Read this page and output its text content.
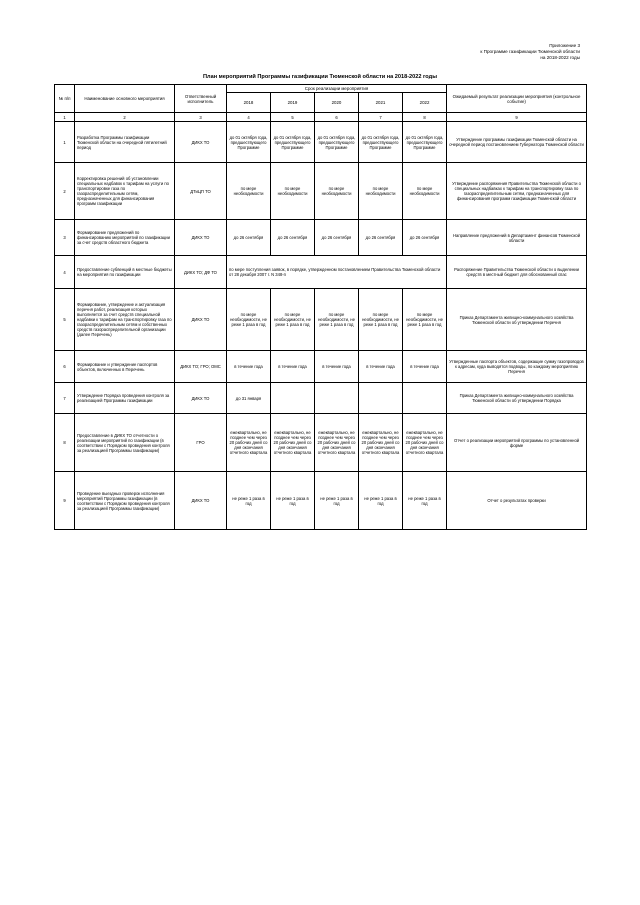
Приложение 3
к Программе газификации Тюменской области
на 2018-2022 годы
План мероприятий Программы газификации Тюменской области на 2018-2022 годы
№ п/п	Наименование основного мероприятия	Ответственный исполнитель	Срок реализации мероприятия					Ожидаемый результат реализации мероприятия (контрольное событие)
			2018	2019	2020	2021	2022	
1	2	3	4	5	6	7	8	9
1	Разработка Программы газификации Тюменской области на очередной пятилетний период	ДИКХ ТО	до 01 октября года, предшествующего Программе	до 01 октября года, предшествующего Программе	до 01 октября года, предшествующего Программе	до 01 октября года, предшествующего Программе	до 01 октября года, предшествующего Программе	Утверждение программы газификации Тюменской области на очередной период постановлением Губернатора Тюменской области
2	Корректировка решений об установлении специальных надбавок к тарифам на услуги по транспортировке газа по газораспределительным сетям, предназначенных для финансирования программ газификации	ДТиЦП ТО	по мере необходимости	по мере необходимости	по мере необходимости	по мере необходимости	по мере необходимости	Утверждение распоряжения Правительства Тюменской области о специальных надбавках к тарифам на транспортировку газа по газораспределительным сетям, предназначенных для финансирования программ газификации Тюменской области
3	Формирование предложений по финансированию мероприятий по газификации за счет средств областного бюджета	ДИКХ ТО	до 26 сентября	до 26 сентября	до 26 сентября	до 26 сентября	до 26 сентября	Направление предложений в Департамент финансов Тюменской области
4	Предоставление субвенций в местные бюджеты на мероприятия по газификации	ДИКХ ТО; ДФ ТО	по мере поступления заявок, в порядке, утвержденном постановлением Правительства Тюменской области от 28 декабря 2007 г. N 348-п					Распоряжение Правительства Тюменской области о выделении средств в местный бюджет для обоснованный спас
5	Формирование, утверждение и актуализация перечня работ, реализация которых выполняется за счет средств специальной надбавки к тарифам на транспортировку газа по газораспределительным сетям и собственных средств газораспределительной организации (далее Перечень)	ДИКХ ТО	по мере необходимости, не реже 1 раза в год	по мере необходимости, не реже 1 раза в год	по мере необходимости, не реже 1 раза в год	по мере необходимости, не реже 1 раза в год	по мере необходимости, не реже 1 раза в год	Приказ Департамента жилищно-коммунального хозяйства Тюменской области об утверждении Перечня
6	Формирование и утверждение паспортов объектов, включенных в Перечень	ДИКХ ТО; ГРО; ОМС	в течение года	в течение года	в течение года	в течение года	в течение года	Утвержденные паспорта объектов, содержащие сумму газопроводов к адресам, куда выводятся подводы, по каждому мероприятию Перечня
7	Утверждение Порядка проведения контроля за реализацией Программы газификации	ДИКХ ТО	до 31 января					Приказ Департамента жилищно-коммунального хозяйства Тюменской области об утверждении Порядка
8	Предоставление в ДИКХ ТО отчетности о реализации мероприятий по газификации (в соответствии с Порядком проведения контроля за реализацией Программы газификации)	ГРО	ежеквартально, не позднее чем через 20 рабочих дней со дня окончания отчетного квартала	ежеквартально, не позднее чем через 20 рабочих дней со дня окончания отчетного квартала	ежеквартально, не позднее чем через 20 рабочих дней со дня окончания отчетного квартала	ежеквартально, не позднее чем через 20 рабочих дней со дня окончания отчетного квартала	ежеквартально, не позднее чем через 20 рабочих дней со дня окончания отчетного квартала	Отчет о реализации мероприятий программы по установленной форме
9	Проведение выездных проверок исполнения мероприятий Программы газификации (в соответствии с Порядком проведения контроля за реализацией Программы газификации)	ДИКХ ТО	не реже 1 раза в год	не реже 1 раза в год	не реже 1 раза в год	не реже 1 раза в год	не реже 1 раза в год	Отчет о результатах проверки
